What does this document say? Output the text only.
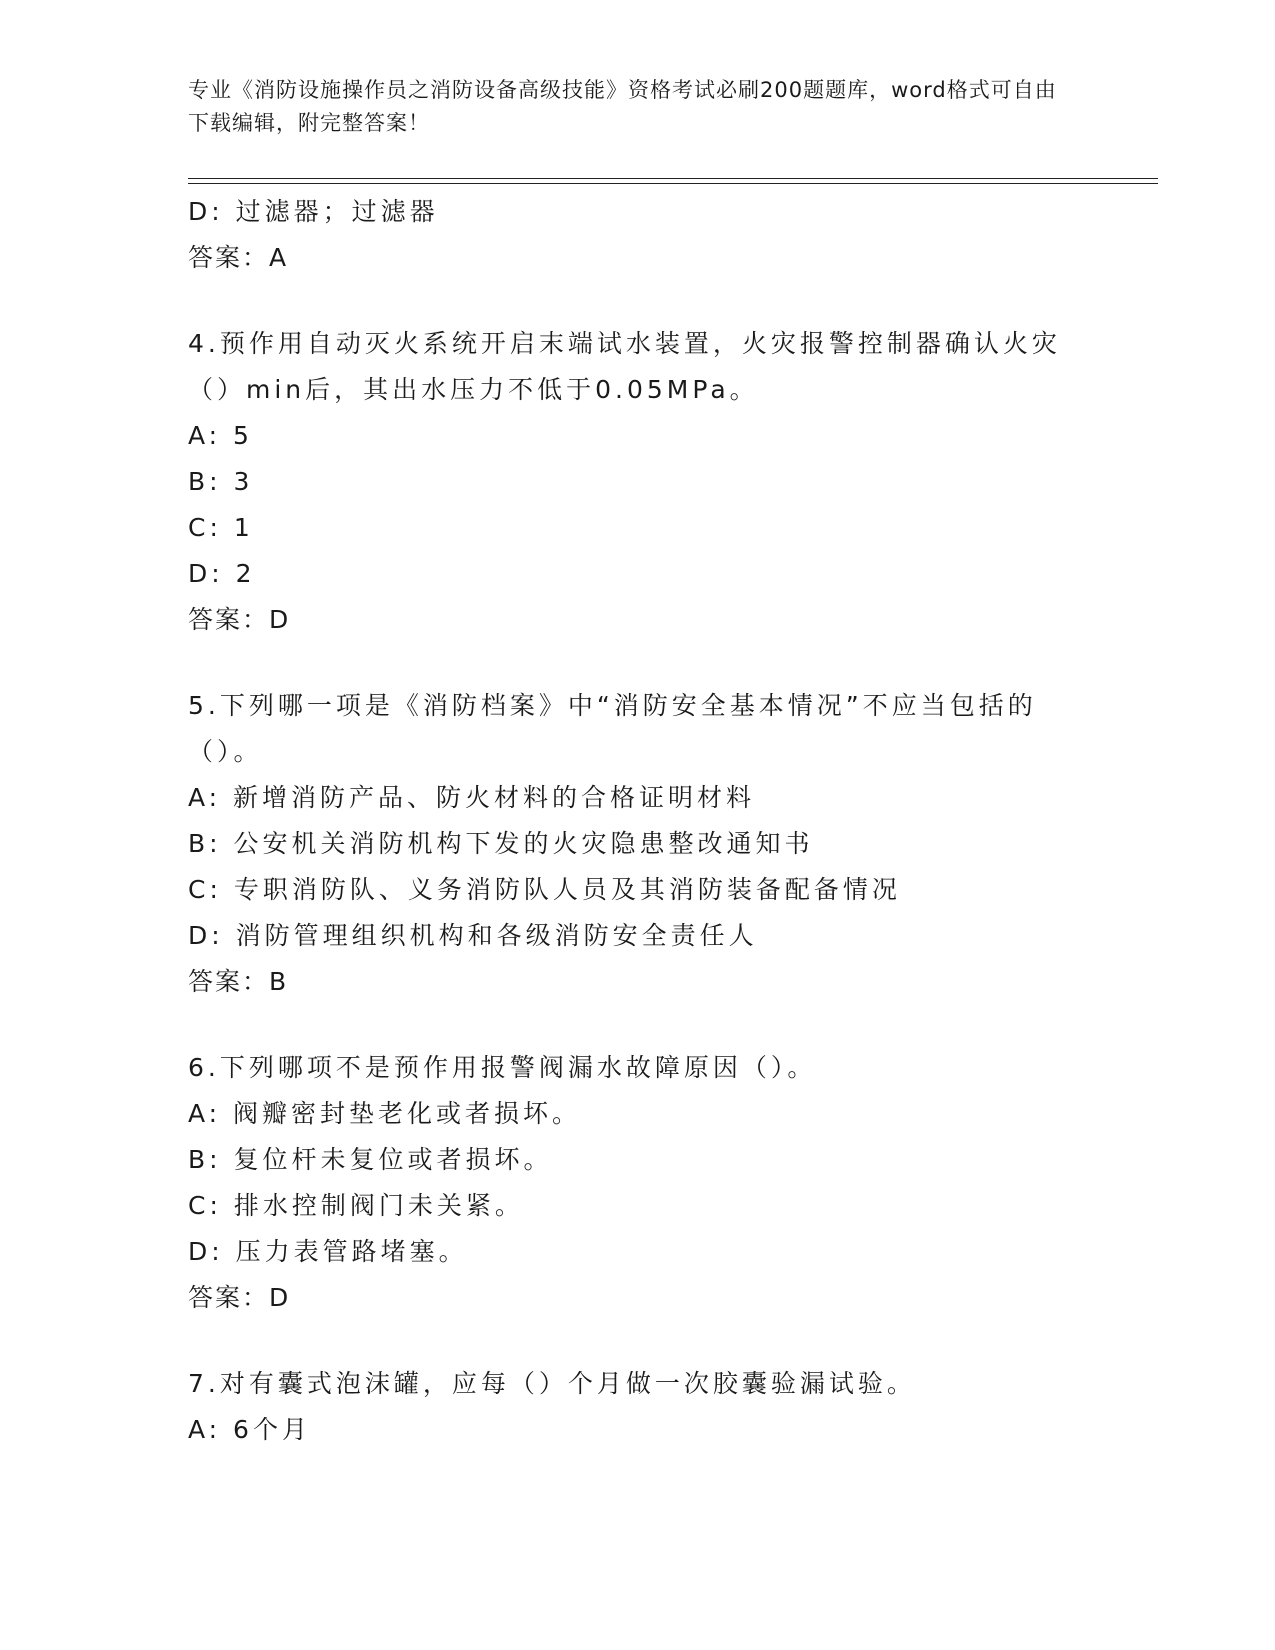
专业《消防设施操作员之消防设备高级技能》资格考试必刷200题题库，word格式可自由下载编辑，附完整答案！
D: 过滤器；过滤器
答案：A
4.预作用自动灭火系统开启末端试水装置，火灾报警控制器确认火灾（）min后，其出水压力不低于0.05MPa。
A: 5
B: 3
C: 1
D: 2
答案：D
5.下列哪一项是《消防档案》中“消防安全基本情况”不应当包括的（）。
A: 新增消防产品、防火材料的合格证明材料
B: 公安机关消防机构下发的火灾隐患整改通知书
C: 专职消防队、义务消防队人员及其消防装备配备情况
D: 消防管理组织机构和各级消防安全责任人
答案：B
6.下列哪项不是预作用报警阀漏水故障原因（）。
A: 阀瓣密封垫老化或者损坏。
B: 复位杆未复位或者损坏。
C: 排水控制阀门未关紧。
D: 压力表管路堵塞。
答案：D
7.对有囊式泡沫罐，应每（）个月做一次胶囊验漏试验。
A: 6个月
